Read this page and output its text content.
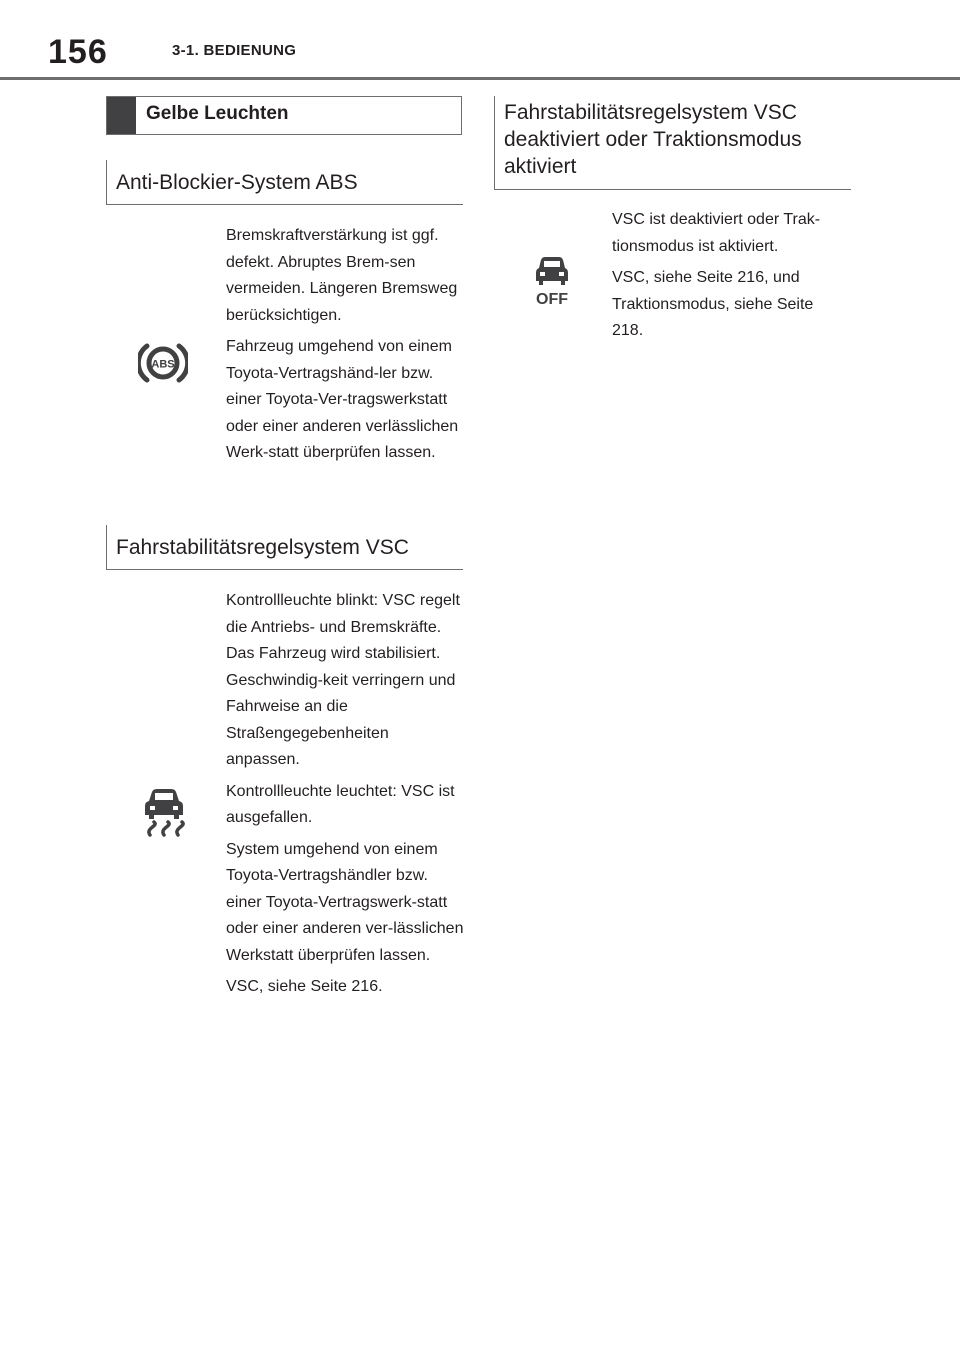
156	3-1. BEDIENUNG
Gelbe Leuchten
Anti-Blockier-System ABS
ABS

Bremskraftverstärkung ist ggf. defekt. Abruptes Brem-sen vermeiden. Längeren Bremsweg berücksichtigen.

Fahrzeug umgehend von einem Toyota-Vertragshänd-ler bzw. einer Toyota-Ver-tragswerkstatt oder einer anderen verlässlichen Werk-statt überprüfen lassen.

Fahrstabilitätsregelsystem VSC

Kontrollleuchte blinkt: VSC regelt die Antriebs- und Bremskräfte. Das Fahrzeug wird stabilisiert. Geschwindig-keit verringern und Fahrweise an die Straßengegebenheiten anpassen.

Kontrollleuchte leuchtet: VSC ist ausgefallen.

System umgehend von einem Toyota-Vertragshändler bzw. einer Toyota-Vertragswerk-statt oder einer anderen ver-lässlichen Werkstatt überprüfen lassen.

VSC, siehe Seite 216.

Fahrstabilitätsregelsystem VSC deaktiviert oder Traktionsmodus aktiviert
OFF

VSC ist deaktiviert oder Trak-tionsmodus ist aktiviert.

VSC, siehe Seite 216, und Traktionsmodus, siehe Seite 218.
